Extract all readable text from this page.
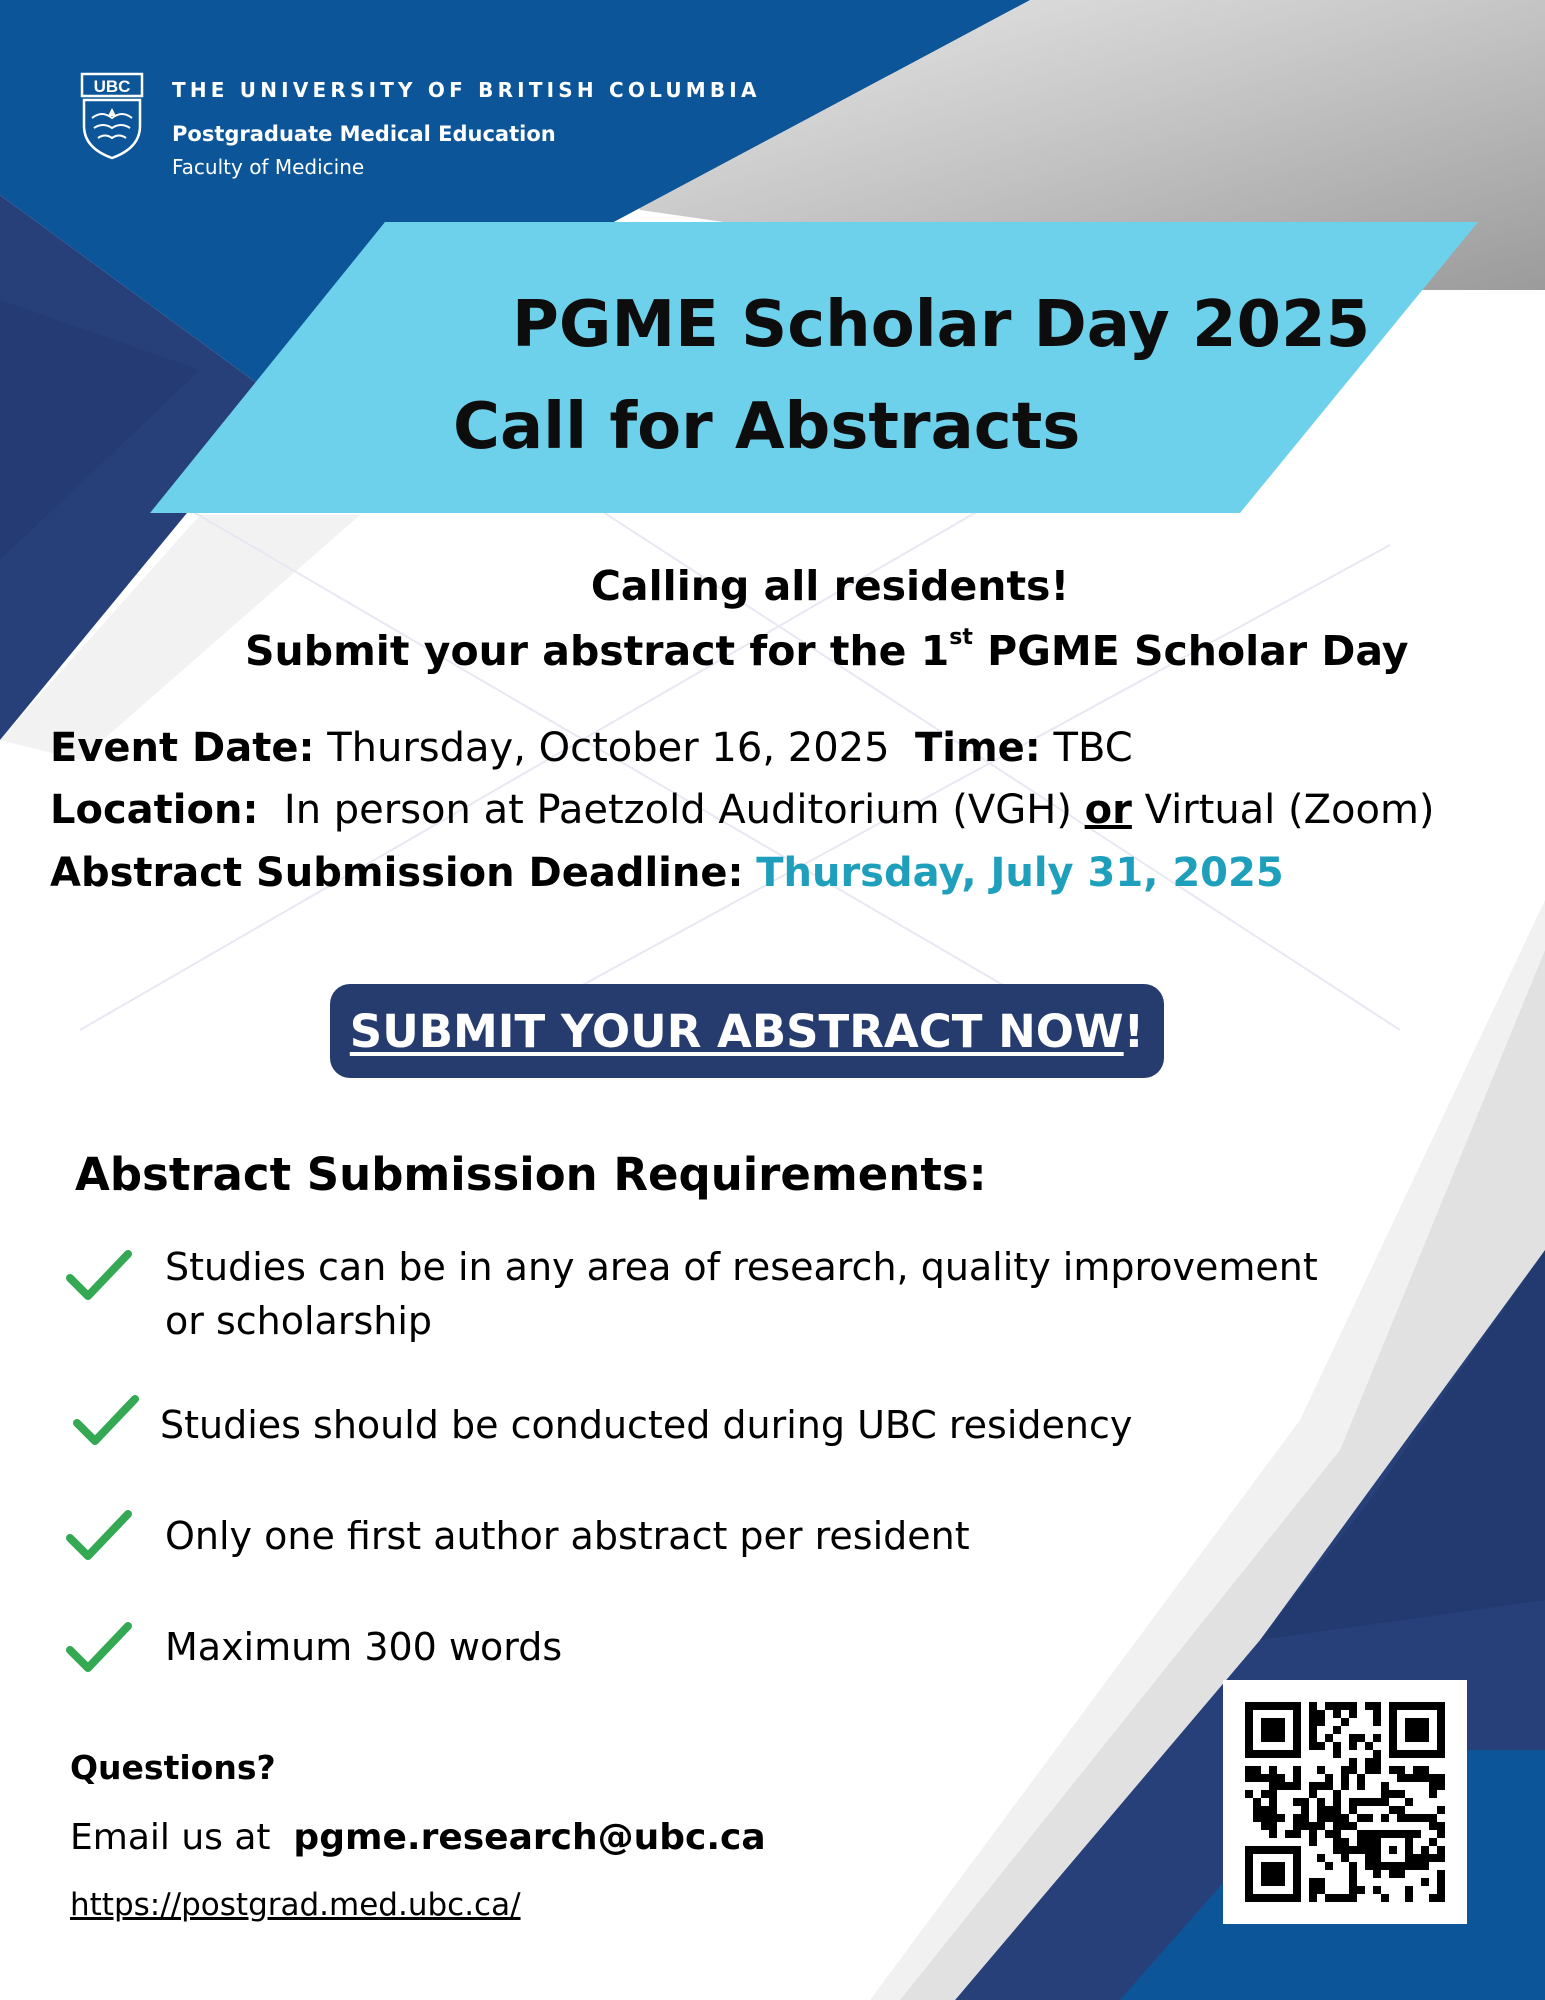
UBC THE UNIVERSITY OF BRITISH COLUMBIA
Postgraduate Medical Education
Faculty of Medicine
PGME Scholar Day 2025
Call for Abstracts
Calling all residents!
Submit your abstract for the 1st PGME Scholar Day
Event Date: Thursday, October 16, 2025 Time: TBC
Location: In person at Paetzold Auditorium (VGH) or Virtual (Zoom)
Abstract Submission Deadline: Thursday, July 31, 2025
SUBMIT YOUR ABSTRACT NOW !
Abstract Submission Requirements:
Studies can be in any area of research, quality improvement
or scholarship
Studies should be conducted during UBC residency
Only one first author abstract per resident
Maximum 300 words
Questions?
Email us at  pgme.research@ubc.ca
https://postgrad.med.ubc.ca/
